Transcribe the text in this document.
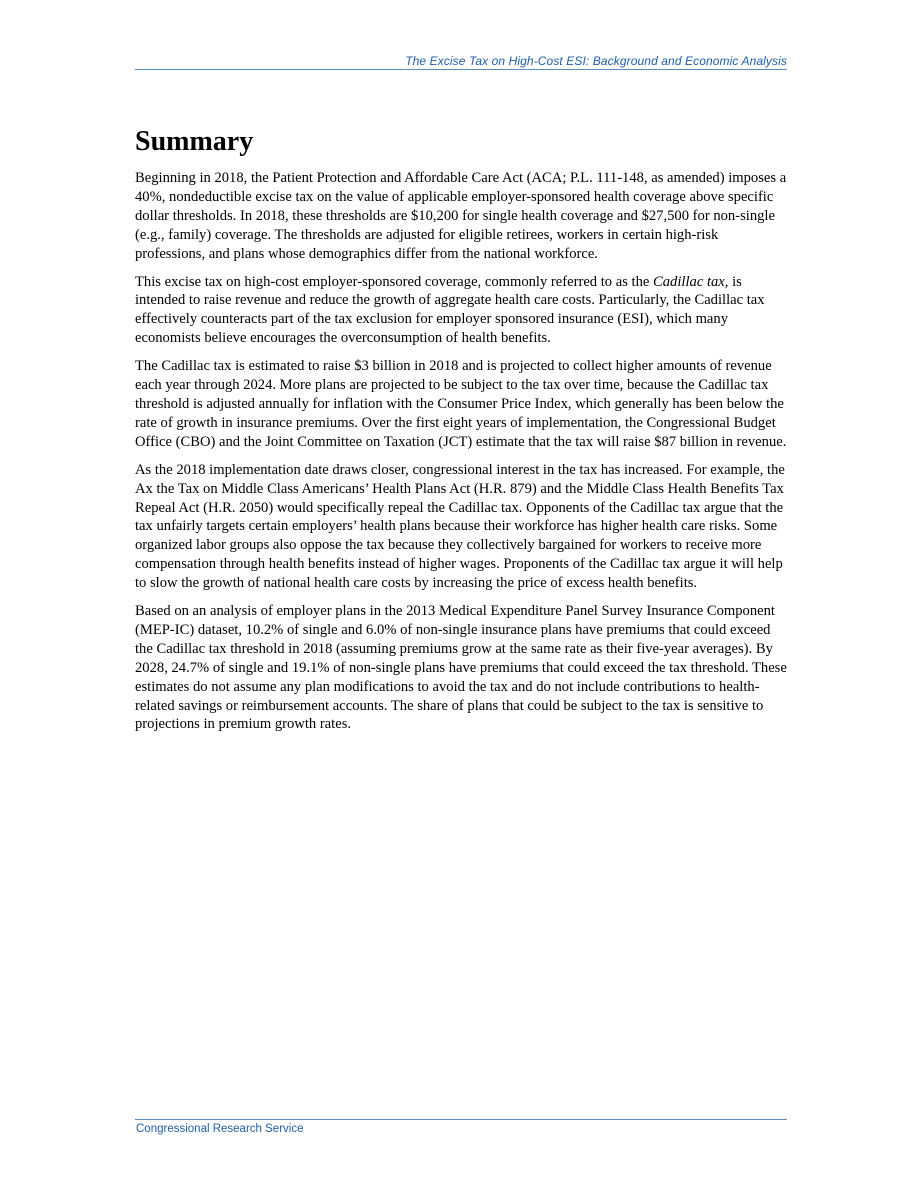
The Excise Tax on High-Cost ESI: Background and Economic Analysis
Summary

Beginning in 2018, the Patient Protection and Affordable Care Act (ACA; P.L. 111-148, as amended) imposes a 40%, nondeductible excise tax on the value of applicable employer-sponsored health coverage above specific dollar thresholds. In 2018, these thresholds are $10,200 for single health coverage and $27,500 for non-single (e.g., family) coverage. The thresholds are adjusted for eligible retirees, workers in certain high-risk professions, and plans whose demographics differ from the national workforce.

This excise tax on high-cost employer-sponsored coverage, commonly referred to as the Cadillac tax, is intended to raise revenue and reduce the growth of aggregate health care costs. Particularly, the Cadillac tax effectively counteracts part of the tax exclusion for employer sponsored insurance (ESI), which many economists believe encourages the overconsumption of health benefits.

The Cadillac tax is estimated to raise $3 billion in 2018 and is projected to collect higher amounts of revenue each year through 2024. More plans are projected to be subject to the tax over time, because the Cadillac tax threshold is adjusted annually for inflation with the Consumer Price Index, which generally has been below the rate of growth in insurance premiums. Over the first eight years of implementation, the Congressional Budget Office (CBO) and the Joint Committee on Taxation (JCT) estimate that the tax will raise $87 billion in revenue.

As the 2018 implementation date draws closer, congressional interest in the tax has increased. For example, the Ax the Tax on Middle Class Americans’ Health Plans Act (H.R. 879) and the Middle Class Health Benefits Tax Repeal Act (H.R. 2050) would specifically repeal the Cadillac tax. Opponents of the Cadillac tax argue that the tax unfairly targets certain employers’ health plans because their workforce has higher health care risks. Some organized labor groups also oppose the tax because they collectively bargained for workers to receive more compensation through health benefits instead of higher wages. Proponents of the Cadillac tax argue it will help to slow the growth of national health care costs by increasing the price of excess health benefits.

Based on an analysis of employer plans in the 2013 Medical Expenditure Panel Survey Insurance Component (MEP-IC) dataset, 10.2% of single and 6.0% of non-single insurance plans have premiums that could exceed the Cadillac tax threshold in 2018 (assuming premiums grow at the same rate as their five-year averages). By 2028, 24.7% of single and 19.1% of non-single plans have premiums that could exceed the tax threshold. These estimates do not assume any plan modifications to avoid the tax and do not include contributions to health-related savings or reimbursement accounts. The share of plans that could be subject to the tax is sensitive to projections in premium growth rates.

Congressional Research Service
